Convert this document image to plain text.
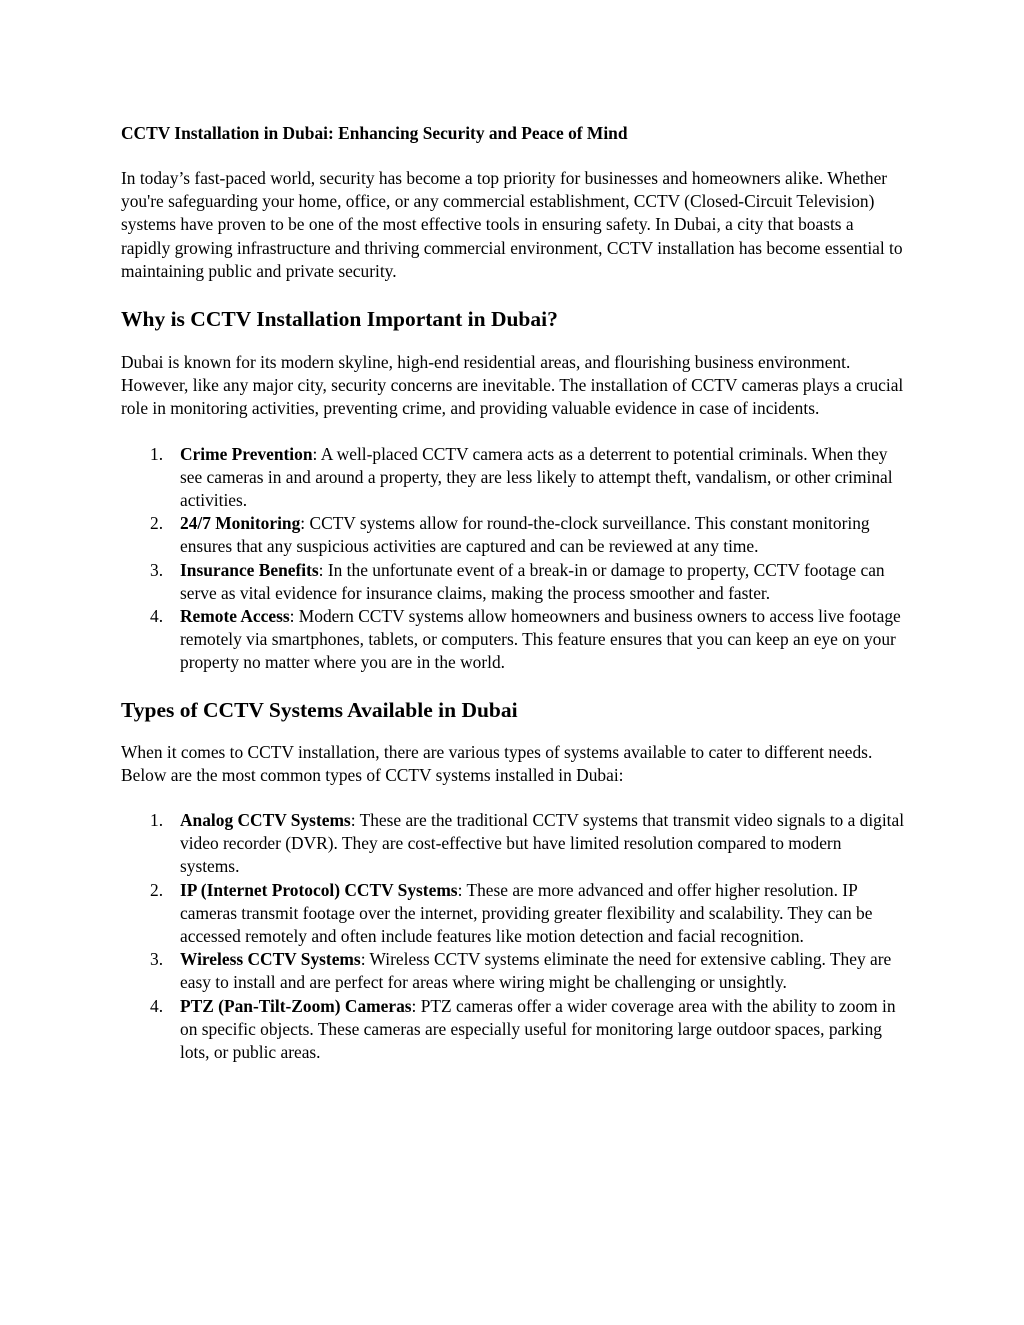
CCTV Installation in Dubai: Enhancing Security and Peace of Mind

In today’s fast-paced world, security has become a top priority for businesses and homeowners alike. Whether you're safeguarding your home, office, or any commercial establishment, CCTV (Closed-Circuit Television) systems have proven to be one of the most effective tools in ensuring safety. In Dubai, a city that boasts a rapidly growing infrastructure and thriving commercial environment, CCTV installation has become essential to maintaining public and private security.

Why is CCTV Installation Important in Dubai?

Dubai is known for its modern skyline, high-end residential areas, and flourishing business environment. However, like any major city, security concerns are inevitable. The installation of CCTV cameras plays a crucial role in monitoring activities, preventing crime, and providing valuable evidence in case of incidents.

1. Crime Prevention: A well-placed CCTV camera acts as a deterrent to potential criminals. When they see cameras in and around a property, they are less likely to attempt theft, vandalism, or other criminal activities.
2. 24/7 Monitoring: CCTV systems allow for round-the-clock surveillance. This constant monitoring ensures that any suspicious activities are captured and can be reviewed at any time.
3. Insurance Benefits: In the unfortunate event of a break-in or damage to property, CCTV footage can serve as vital evidence for insurance claims, making the process smoother and faster.
4. Remote Access: Modern CCTV systems allow homeowners and business owners to access live footage remotely via smartphones, tablets, or computers. This feature ensures that you can keep an eye on your property no matter where you are in the world.
Types of CCTV Systems Available in Dubai

When it comes to CCTV installation, there are various types of systems available to cater to different needs. Below are the most common types of CCTV systems installed in Dubai:

1. Analog CCTV Systems: These are the traditional CCTV systems that transmit video signals to a digital video recorder (DVR). They are cost-effective but have limited resolution compared to modern systems.
2. IP (Internet Protocol) CCTV Systems: These are more advanced and offer higher resolution. IP cameras transmit footage over the internet, providing greater flexibility and scalability. They can be accessed remotely and often include features like motion detection and facial recognition.
3. Wireless CCTV Systems: Wireless CCTV systems eliminate the need for extensive cabling. They are easy to install and are perfect for areas where wiring might be challenging or unsightly.
4. PTZ (Pan-Tilt-Zoom) Cameras: PTZ cameras offer a wider coverage area with the ability to zoom in on specific objects. These cameras are especially useful for monitoring large outdoor spaces, parking lots, or public areas.
